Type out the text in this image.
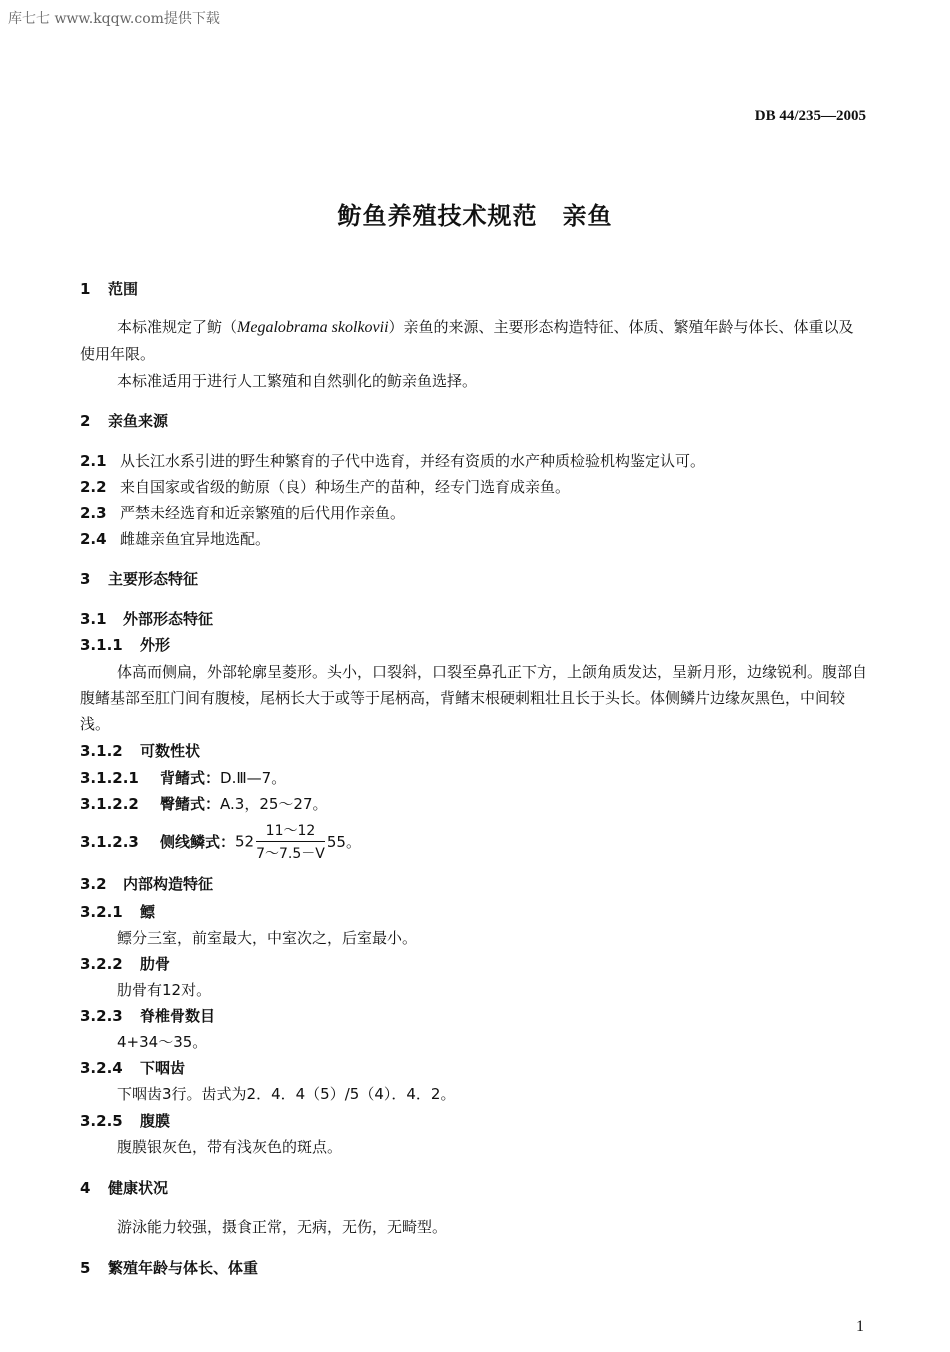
库七七 www.kqqw.com提供下载
DB 44/235—2005
鲂鱼养殖技术规范　亲鱼
1 范围
本标准规定了鲂（Megalobrama skolkovii）亲鱼的来源、主要形态构造特征、体质、繁殖年龄与体长、体重以及使用年限。
本标准适用于进行人工繁殖和自然驯化的鲂亲鱼选择。
2 亲鱼来源
2.1 从长江水系引进的野生种繁育的子代中选育，并经有资质的水产种质检验机构鉴定认可。
2.2 来自国家或省级的鲂原（良）种场生产的苗种，经专门选育成亲鱼。
2.3 严禁未经选育和近亲繁殖的后代用作亲鱼。
2.4 雌雄亲鱼宜异地选配。
3 主要形态特征
3.1 外部形态特征
3.1.1 外形
体高而侧扁，外部轮廓呈菱形。头小，口裂斜，口裂至鼻孔正下方，上颌角质发达，呈新月形，边缘锐利。腹部自腹鳍基部至肛门间有腹棱，尾柄长大于或等于尾柄高，背鳍末根硬刺粗壮且长于头长。体侧鳞片边缘灰黑色，中间较浅。
3.1.2 可数性状
3.1.2.1 背鳍式：D.Ⅲ—7。
3.1.2.2 臀鳍式：A.3，25～27。
3.1.2.3 侧线鳞式：$52 \frac{11\sim 12}{7\sim 7.5-V} 55$。
3.2 内部构造特征
3.2.1 鳔
鳔分三室，前室最大，中室次之，后室最小。
3.2.2 肋骨
肋骨有12对。
3.2.3 脊椎骨数目
4+34～35。
3.2.4 下咽齿
下咽齿3行。齿式为2．4．4（5）/5（4）．4．2。
3.2.5 腹膜
腹膜银灰色，带有浅灰色的斑点。
4 健康状况
游泳能力较强，摄食正常，无病，无伤，无畸型。
5 繁殖年龄与体长、体重
1
